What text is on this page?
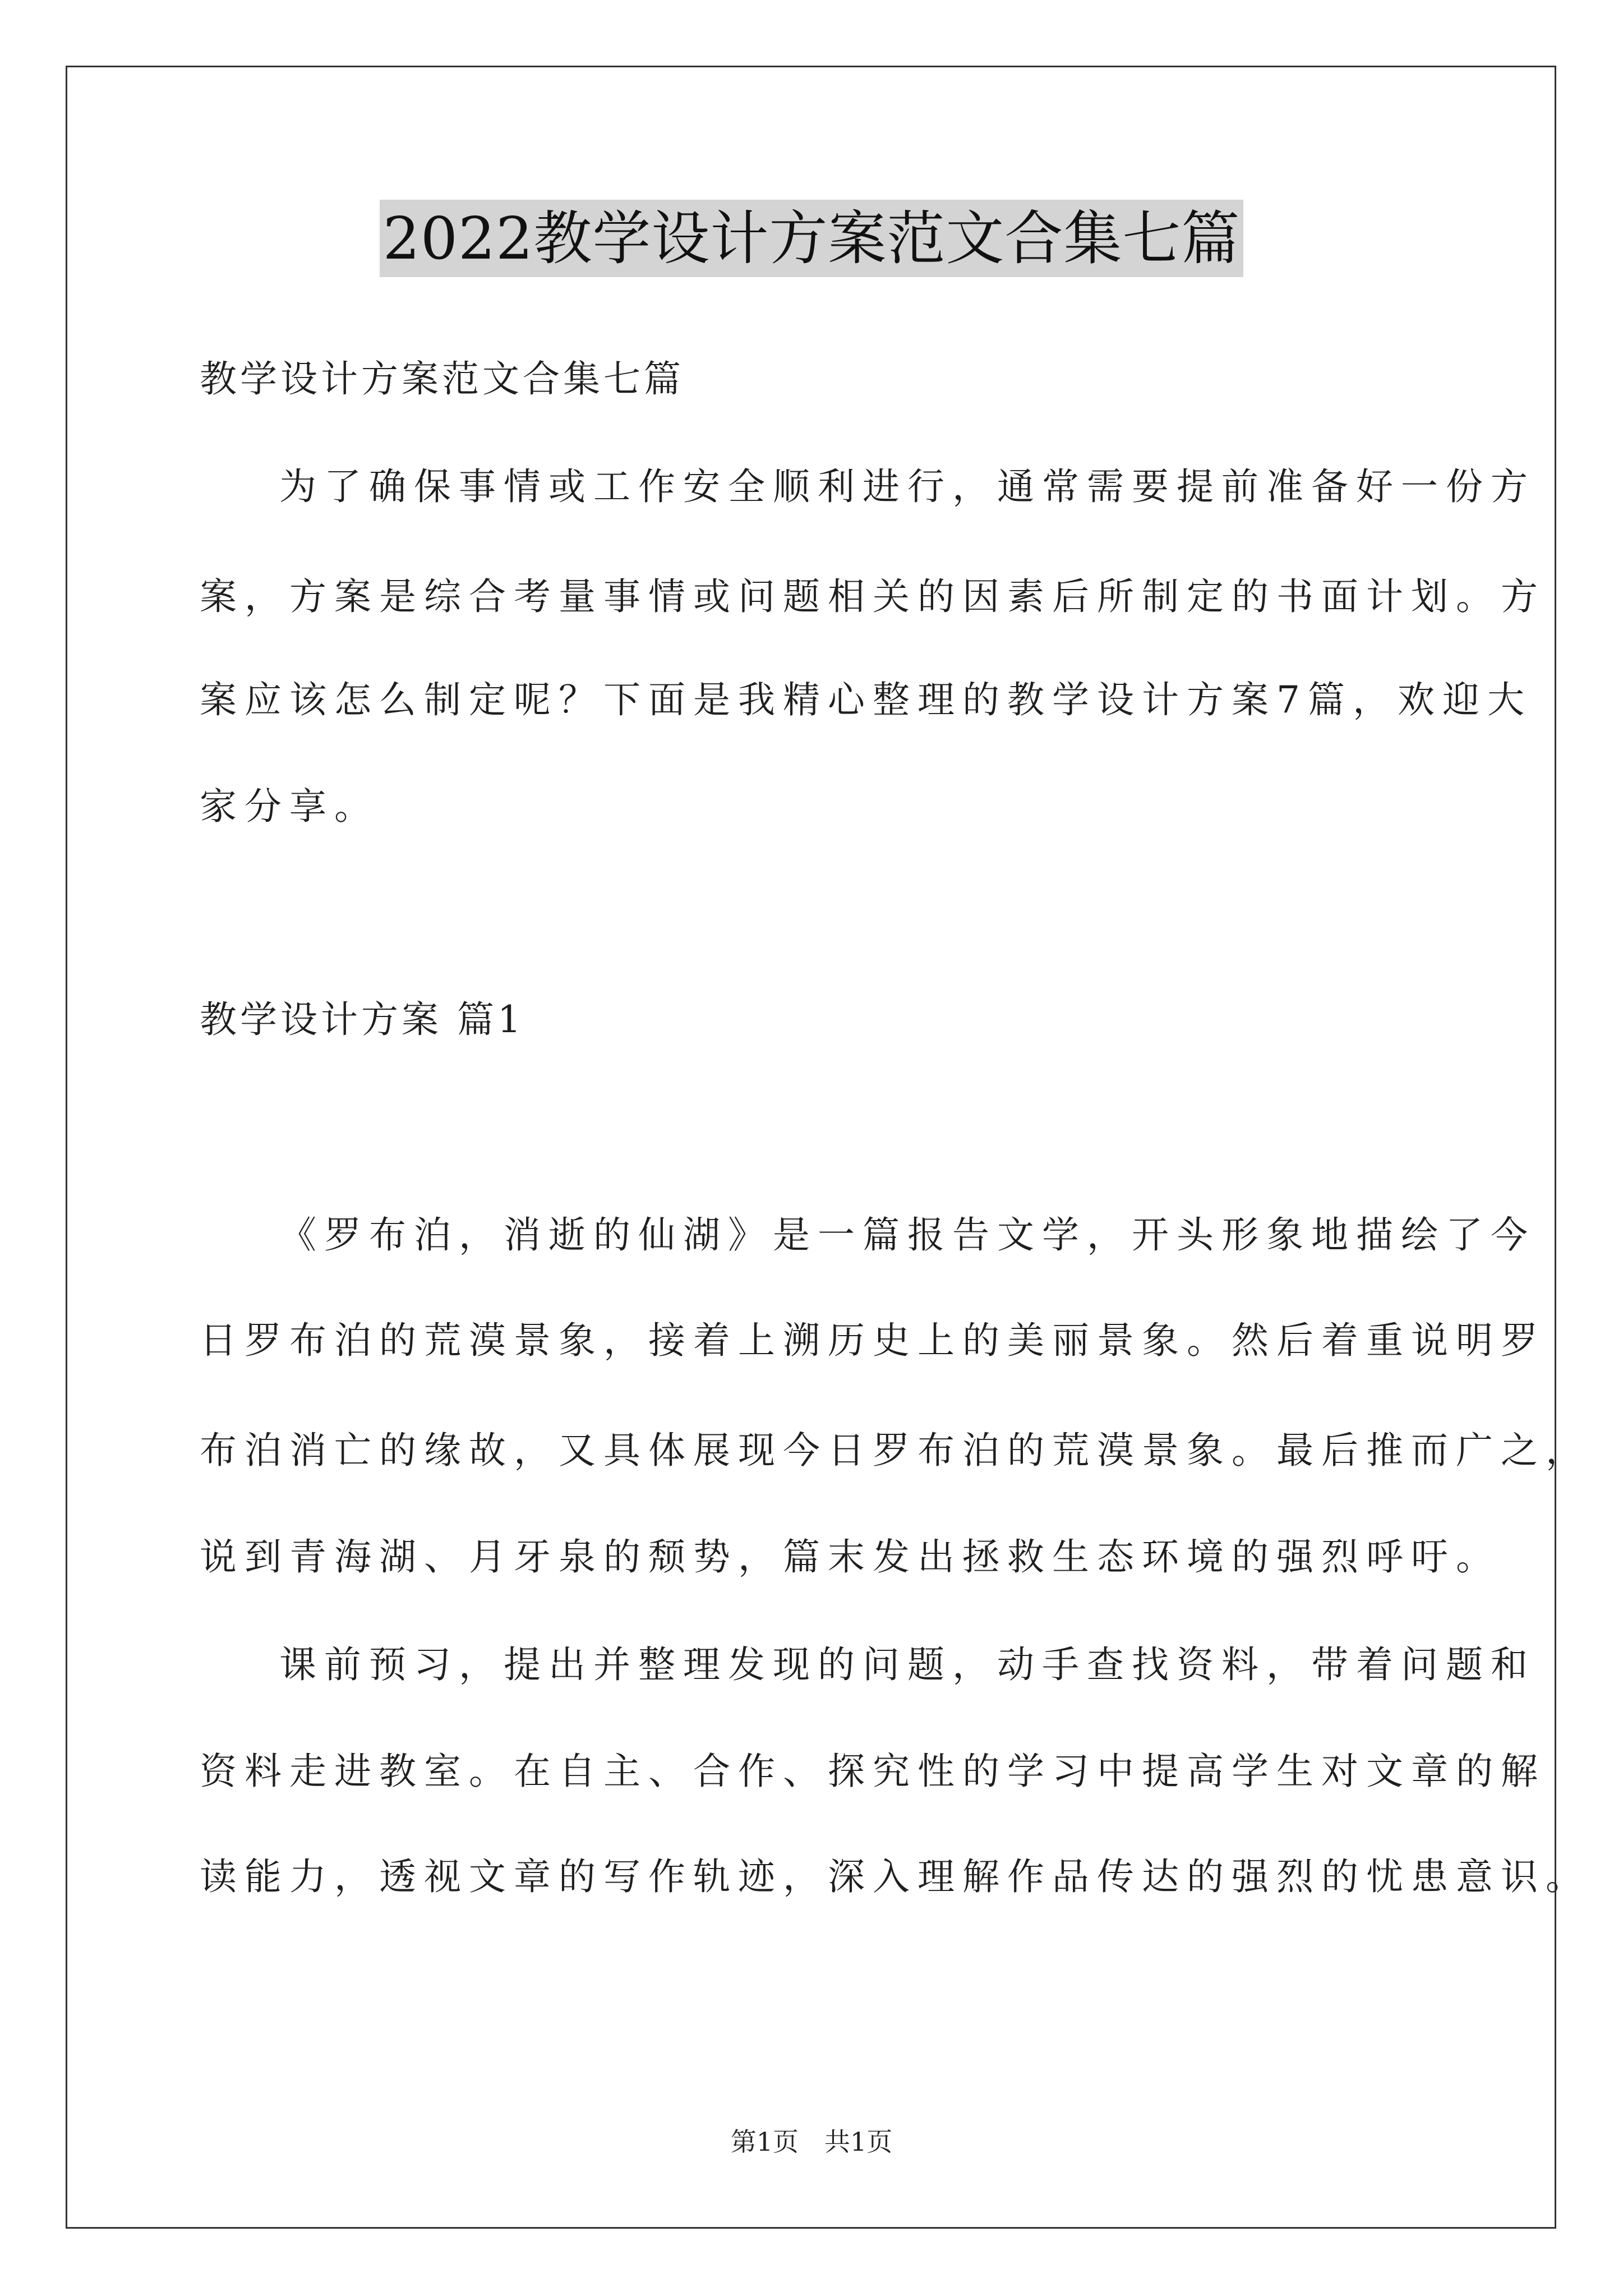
2022教学设计方案范文合集七篇
教学设计方案范文合集七篇
为了确保事情或工作安全顺利进行，通常需要提前准备好一份方
案，方案是综合考量事情或问题相关的因素后所制定的书面计划。方
案应该怎么制定呢？下面是我精心整理的教学设计方案7篇，欢迎大
家分享。
教学设计方案 篇1
《罗布泊，消逝的仙湖》是一篇报告文学，开头形象地描绘了今
日罗布泊的荒漠景象，接着上溯历史上的美丽景象。然后着重说明罗
布泊消亡的缘故，又具体展现今日罗布泊的荒漠景象。最后推而广之，
说到青海湖、月牙泉的颓势，篇末发出拯救生态环境的强烈呼吁。
课前预习，提出并整理发现的问题，动手查找资料，带着问题和
资料走进教室。在自主、合作、探究性的学习中提高学生对文章的解
读能力，透视文章的写作轨迹，深入理解作品传达的强烈的忧患意识。
第1页 共1页
